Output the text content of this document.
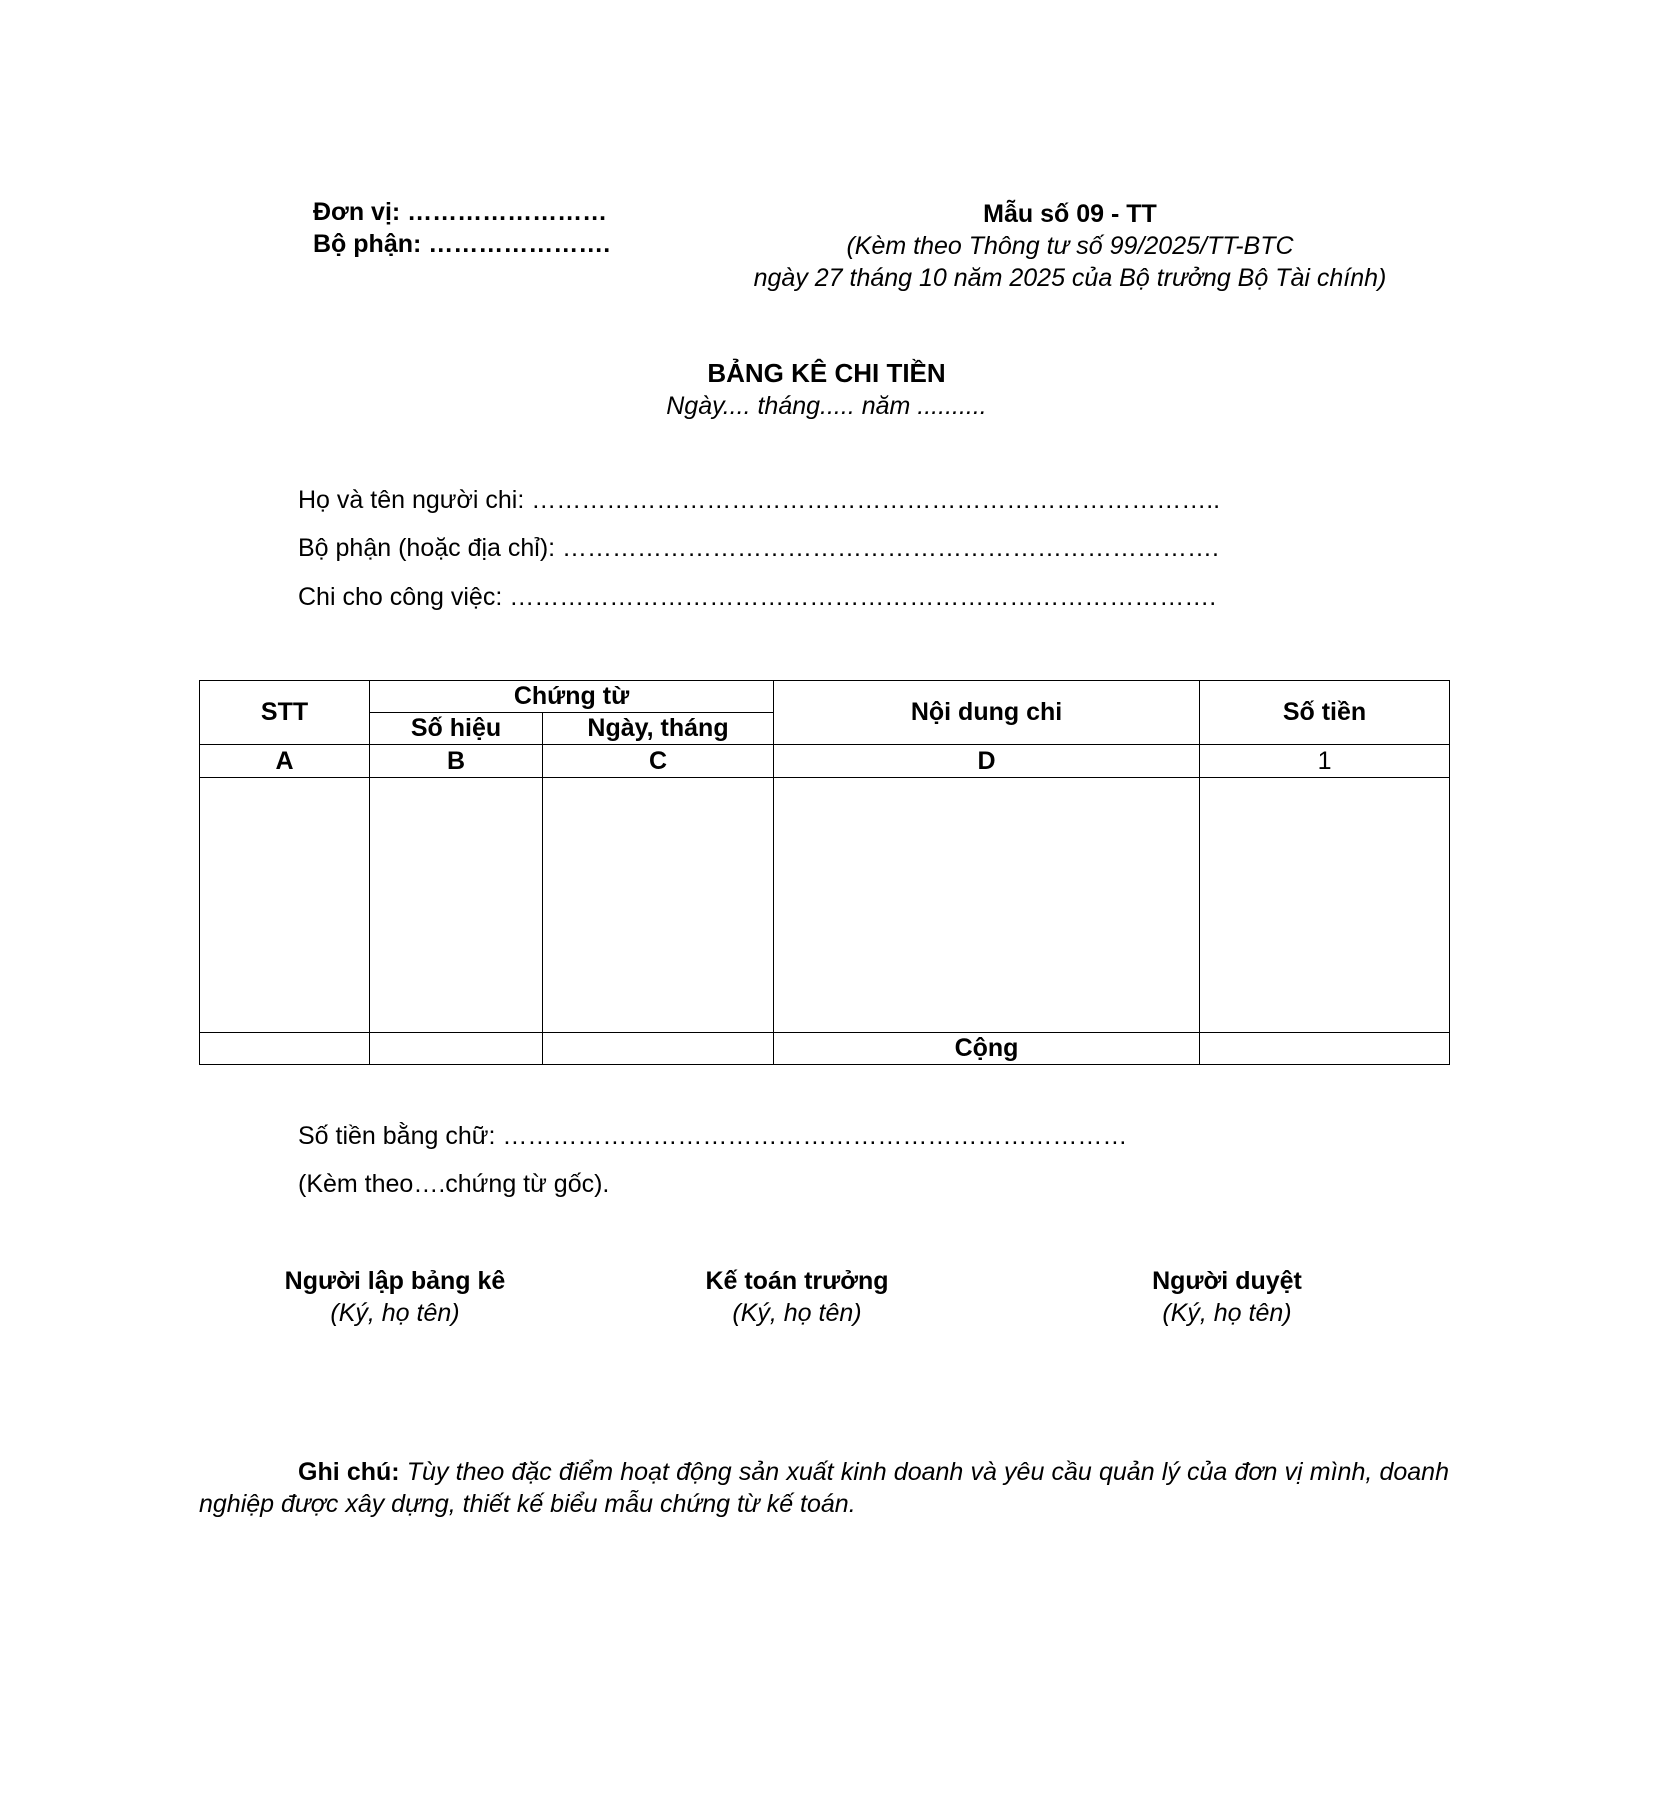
Đơn vị: ……………………
Bộ phận: ………………….
Mẫu số 09 - TT
(Kèm theo Thông tư số 99/2025/TT-BTC
ngày 27 tháng 10 năm 2025 của Bộ trưởng Bộ Tài chính)
BẢNG KÊ CHI TIỀN
Ngày.... tháng..... năm ..........
Họ và tên người chi: ………………………………………………………………………..
Bộ phận (hoặc địa chỉ): …………………………………………………………………….
Chi cho công việc: ………………………………………………………………………….
STT	Chứng từ		Nội dung chi	Số tiền
	Số hiệu	Ngày, tháng		
A	B	C	D	1

			Cộng	
Số tiền bằng chữ: …………………………………………………………………
(Kèm theo….chứng từ gốc).
Người lập bảng kê
(Ký, họ tên)
Kế toán trưởng
(Ký, họ tên)
Người duyệt
(Ký, họ tên)
Ghi chú: Tùy theo đặc điểm hoạt động sản xuất kinh doanh và yêu cầu quản lý của đơn vị mình, doanh nghiệp được xây dựng, thiết kế biểu mẫu chứng từ kế toán.
